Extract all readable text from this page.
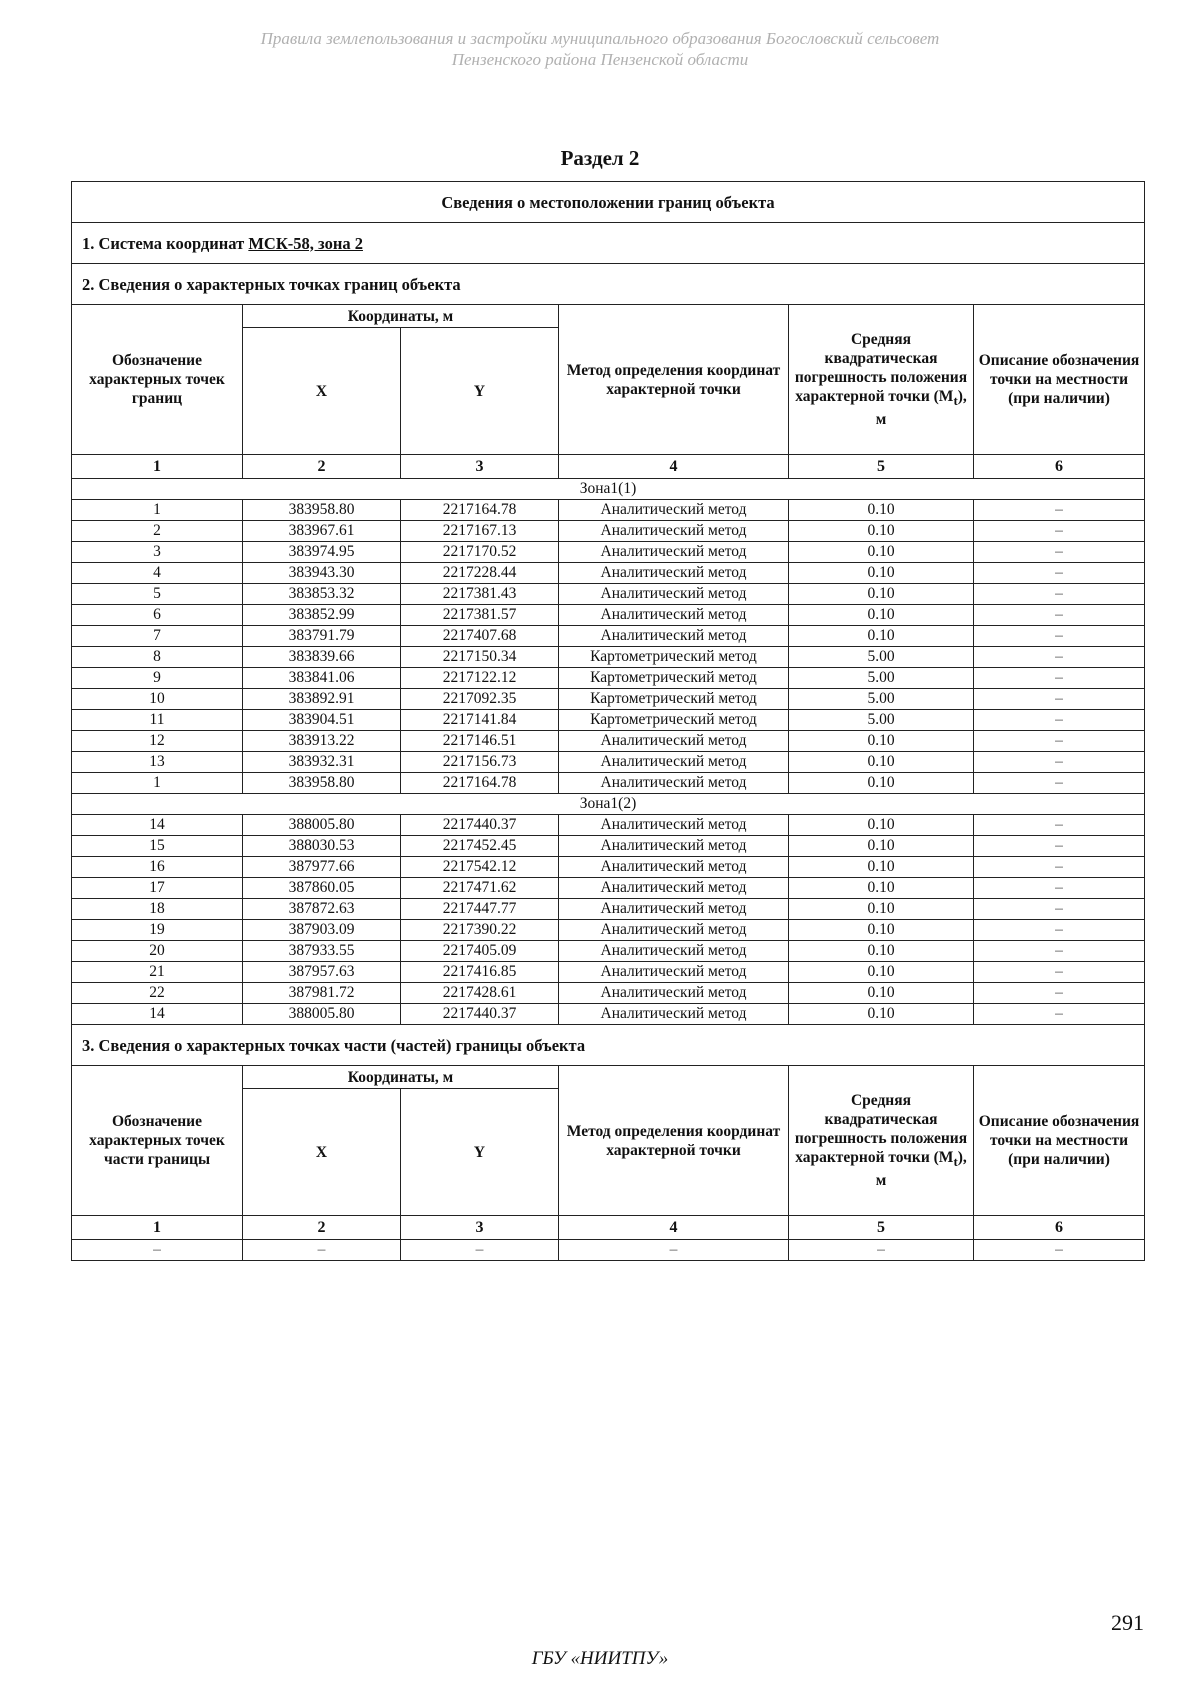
Правила землепользования и застройки муниципального образования Богословский сельсовет
Пензенского района Пензенской области
Раздел 2
Сведения о местоположении границ объекта					
1. Система координат МСК-58, зона 2					
2. Сведения о характерных точках границ объекта					
Обозначение характерных точек границ	Координаты, м		Метод определения координат характерной точки	Средняя квадратическая погрешность положения характерной точки $(M_t)$, м	Описание обозначения точки на местности (при наличии)
	X	Y			
1	2	3	4	5	6
Зона1(1)					
1	383958.80	2217164.78	Аналитический метод	0.10	–
2	383967.61	2217167.13	Аналитический метод	0.10	–
3	383974.95	2217170.52	Аналитический метод	0.10	–
4	383943.30	2217228.44	Аналитический метод	0.10	–
5	383853.32	2217381.43	Аналитический метод	0.10	–
6	383852.99	2217381.57	Аналитический метод	0.10	–
7	383791.79	2217407.68	Аналитический метод	0.10	–
8	383839.66	2217150.34	Картометрический метод	5.00	–
9	383841.06	2217122.12	Картометрический метод	5.00	–
10	383892.91	2217092.35	Картометрический метод	5.00	–
11	383904.51	2217141.84	Картометрический метод	5.00	–
12	383913.22	2217146.51	Аналитический метод	0.10	–
13	383932.31	2217156.73	Аналитический метод	0.10	–
1	383958.80	2217164.78	Аналитический метод	0.10	–
Зона1(2)					
14	388005.80	2217440.37	Аналитический метод	0.10	–
15	388030.53	2217452.45	Аналитический метод	0.10	–
16	387977.66	2217542.12	Аналитический метод	0.10	–
17	387860.05	2217471.62	Аналитический метод	0.10	–
18	387872.63	2217447.77	Аналитический метод	0.10	–
19	387903.09	2217390.22	Аналитический метод	0.10	–
20	387933.55	2217405.09	Аналитический метод	0.10	–
21	387957.63	2217416.85	Аналитический метод	0.10	–
22	387981.72	2217428.61	Аналитический метод	0.10	–
14	388005.80	2217440.37	Аналитический метод	0.10	–
3. Сведения о характерных точках части (частей) границы объекта					
Обозначение характерных точек части границы	Координаты, м		Метод определения координат характерной точки	Средняя квадратическая погрешность положения характерной точки $(M_t)$, м	Описание обозначения точки на местности (при наличии)
	X	Y			
1	2	3	4	5	6
–	–	–	–	–	–
291
ГБУ «НИИТПУ»
